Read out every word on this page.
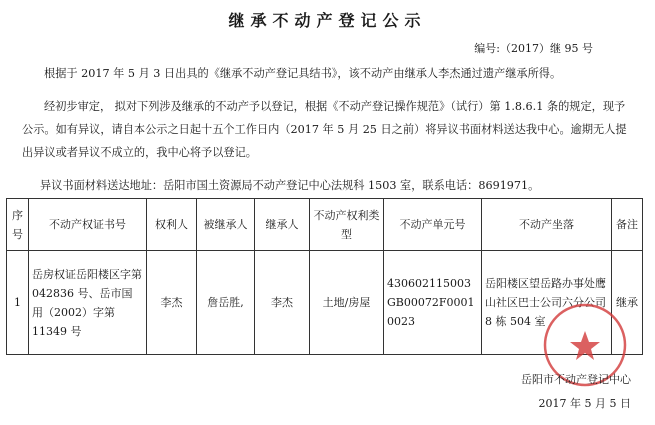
继承不动产登记公示
编号:（2017）继 95 号
根据于 2017 年 5 月 3 日出具的《继承不动产登记具结书》，该不动产由继承人李杰通过遗产继承所得。
经初步审定， 拟对下列涉及继承的不动产予以登记，根据《不动产登记操作规范》（试行）第 1.8.6.1 条的规定，现予公示。如有异议，请自本公示之日起十五个工作日内（2017 年 5 月 25 日之前）将异议书面材料送达我中心。逾期无人提出异议或者异议不成立的，我中心将予以登记。
异议书面材料送达地址：岳阳市国土资源局不动产登记中心法规科 1503 室，联系电话：8691971。
序号	不动产权证书号	权利人	被继承人	继承人	不动产权利类型	不动产单元号	不动产坐落	备注
1	岳房权证岳阳楼区字第 042836 号、岳市国用（2002）字第 11349 号	李杰	詹岳胜,	李杰	土地/房屋	430602115003 GB00072F0001 0023	岳阳楼区望岳路办事处鹰山社区巴士公司六分公司 8 栋 504 室	继承
岳阳市不动产登记中心
2017 年 5 月 5 日
